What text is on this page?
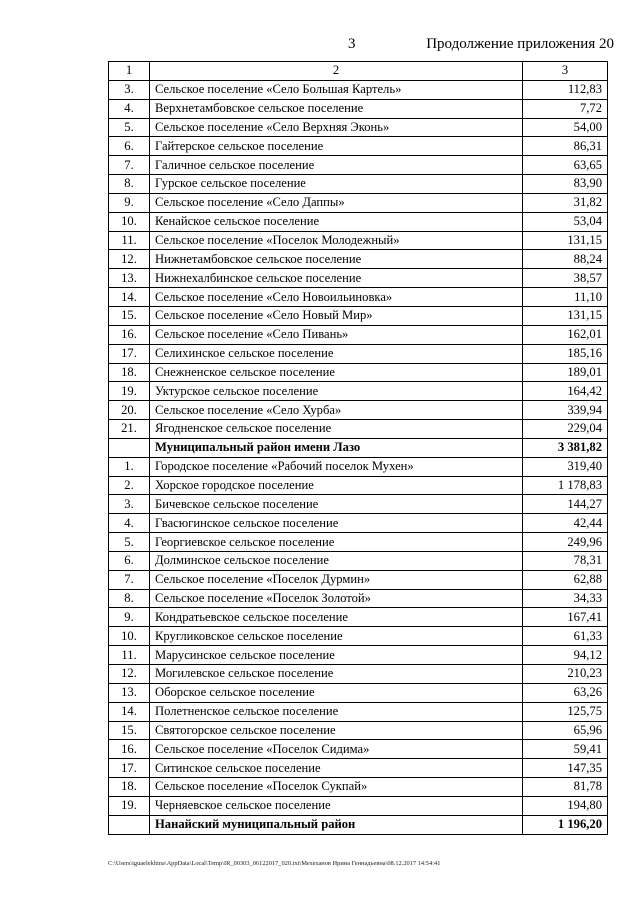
3	Продолжение приложения 20
1	2	3
3.	Сельское поселение «Село Большая Картель»	112,83
4.	Верхнетамбовское сельское поселение	7,72
5.	Сельское поселение «Село Верхняя Эконь»	54,00
6.	Гайтерское сельское поселение	86,31
7.	Галичное сельское поселение	63,65
8.	Гурское сельское поселение	83,90
9.	Сельское поселение «Село Даппы»	31,82
10.	Кенайское сельское поселение	53,04
11.	Сельское поселение «Поселок Молодежный»	131,15
12.	Нижнетамбовское сельское поселение	88,24
13.	Нижнехалбинское сельское поселение	38,57
14.	Сельское поселение «Село Новоильиновка»	11,10
15.	Сельское поселение «Село Новый Мир»	131,15
16.	Сельское поселение «Село Пивань»	162,01
17.	Селихинское сельское поселение	185,16
18.	Снежненское сельское поселение	189,01
19.	Уктурское сельское поселение	164,42
20.	Сельское поселение «Село Хурба»	339,94
21.	Ягодненское сельское поселение	229,04
	Муниципальный район имени Лазо	3 381,82
1.	Городское поселение «Рабочий поселок Мухен»	319,40
2.	Хорское городское поселение	1 178,83
3.	Бичевское сельское поселение	144,27
4.	Гвасюгинское сельское поселение	42,44
5.	Георгиевское сельское поселение	249,96
6.	Долминское сельское поселение	78,31
7.	Сельское поселение «Поселок Дурмин»	62,88
8.	Сельское поселение «Поселок Золотой»	34,33
9.	Кондратьевское сельское поселение	167,41
10.	Кругликовское сельское поселение	61,33
11.	Марусинское сельское поселение	94,12
12.	Могилевское сельское поселение	210,23
13.	Оборское сельское поселение	63,26
14.	Полетненское сельское поселение	125,75
15.	Святогорское сельское поселение	65,96
16.	Сельское поселение «Поселок Сидима»	59,41
17.	Ситинское сельское поселение	147,35
18.	Сельское поселение «Поселок Сукпай»	81,78
19.	Черняевское сельское поселение	194,80
	Нанайский муниципальный район	1 196,20
C:\Users\iguaelekhina\AppData\Local\Temp\IR_00303_06122017_020.txt\Мехеханов Ирина Геннадьевна\08.12.2017 14:54:41
